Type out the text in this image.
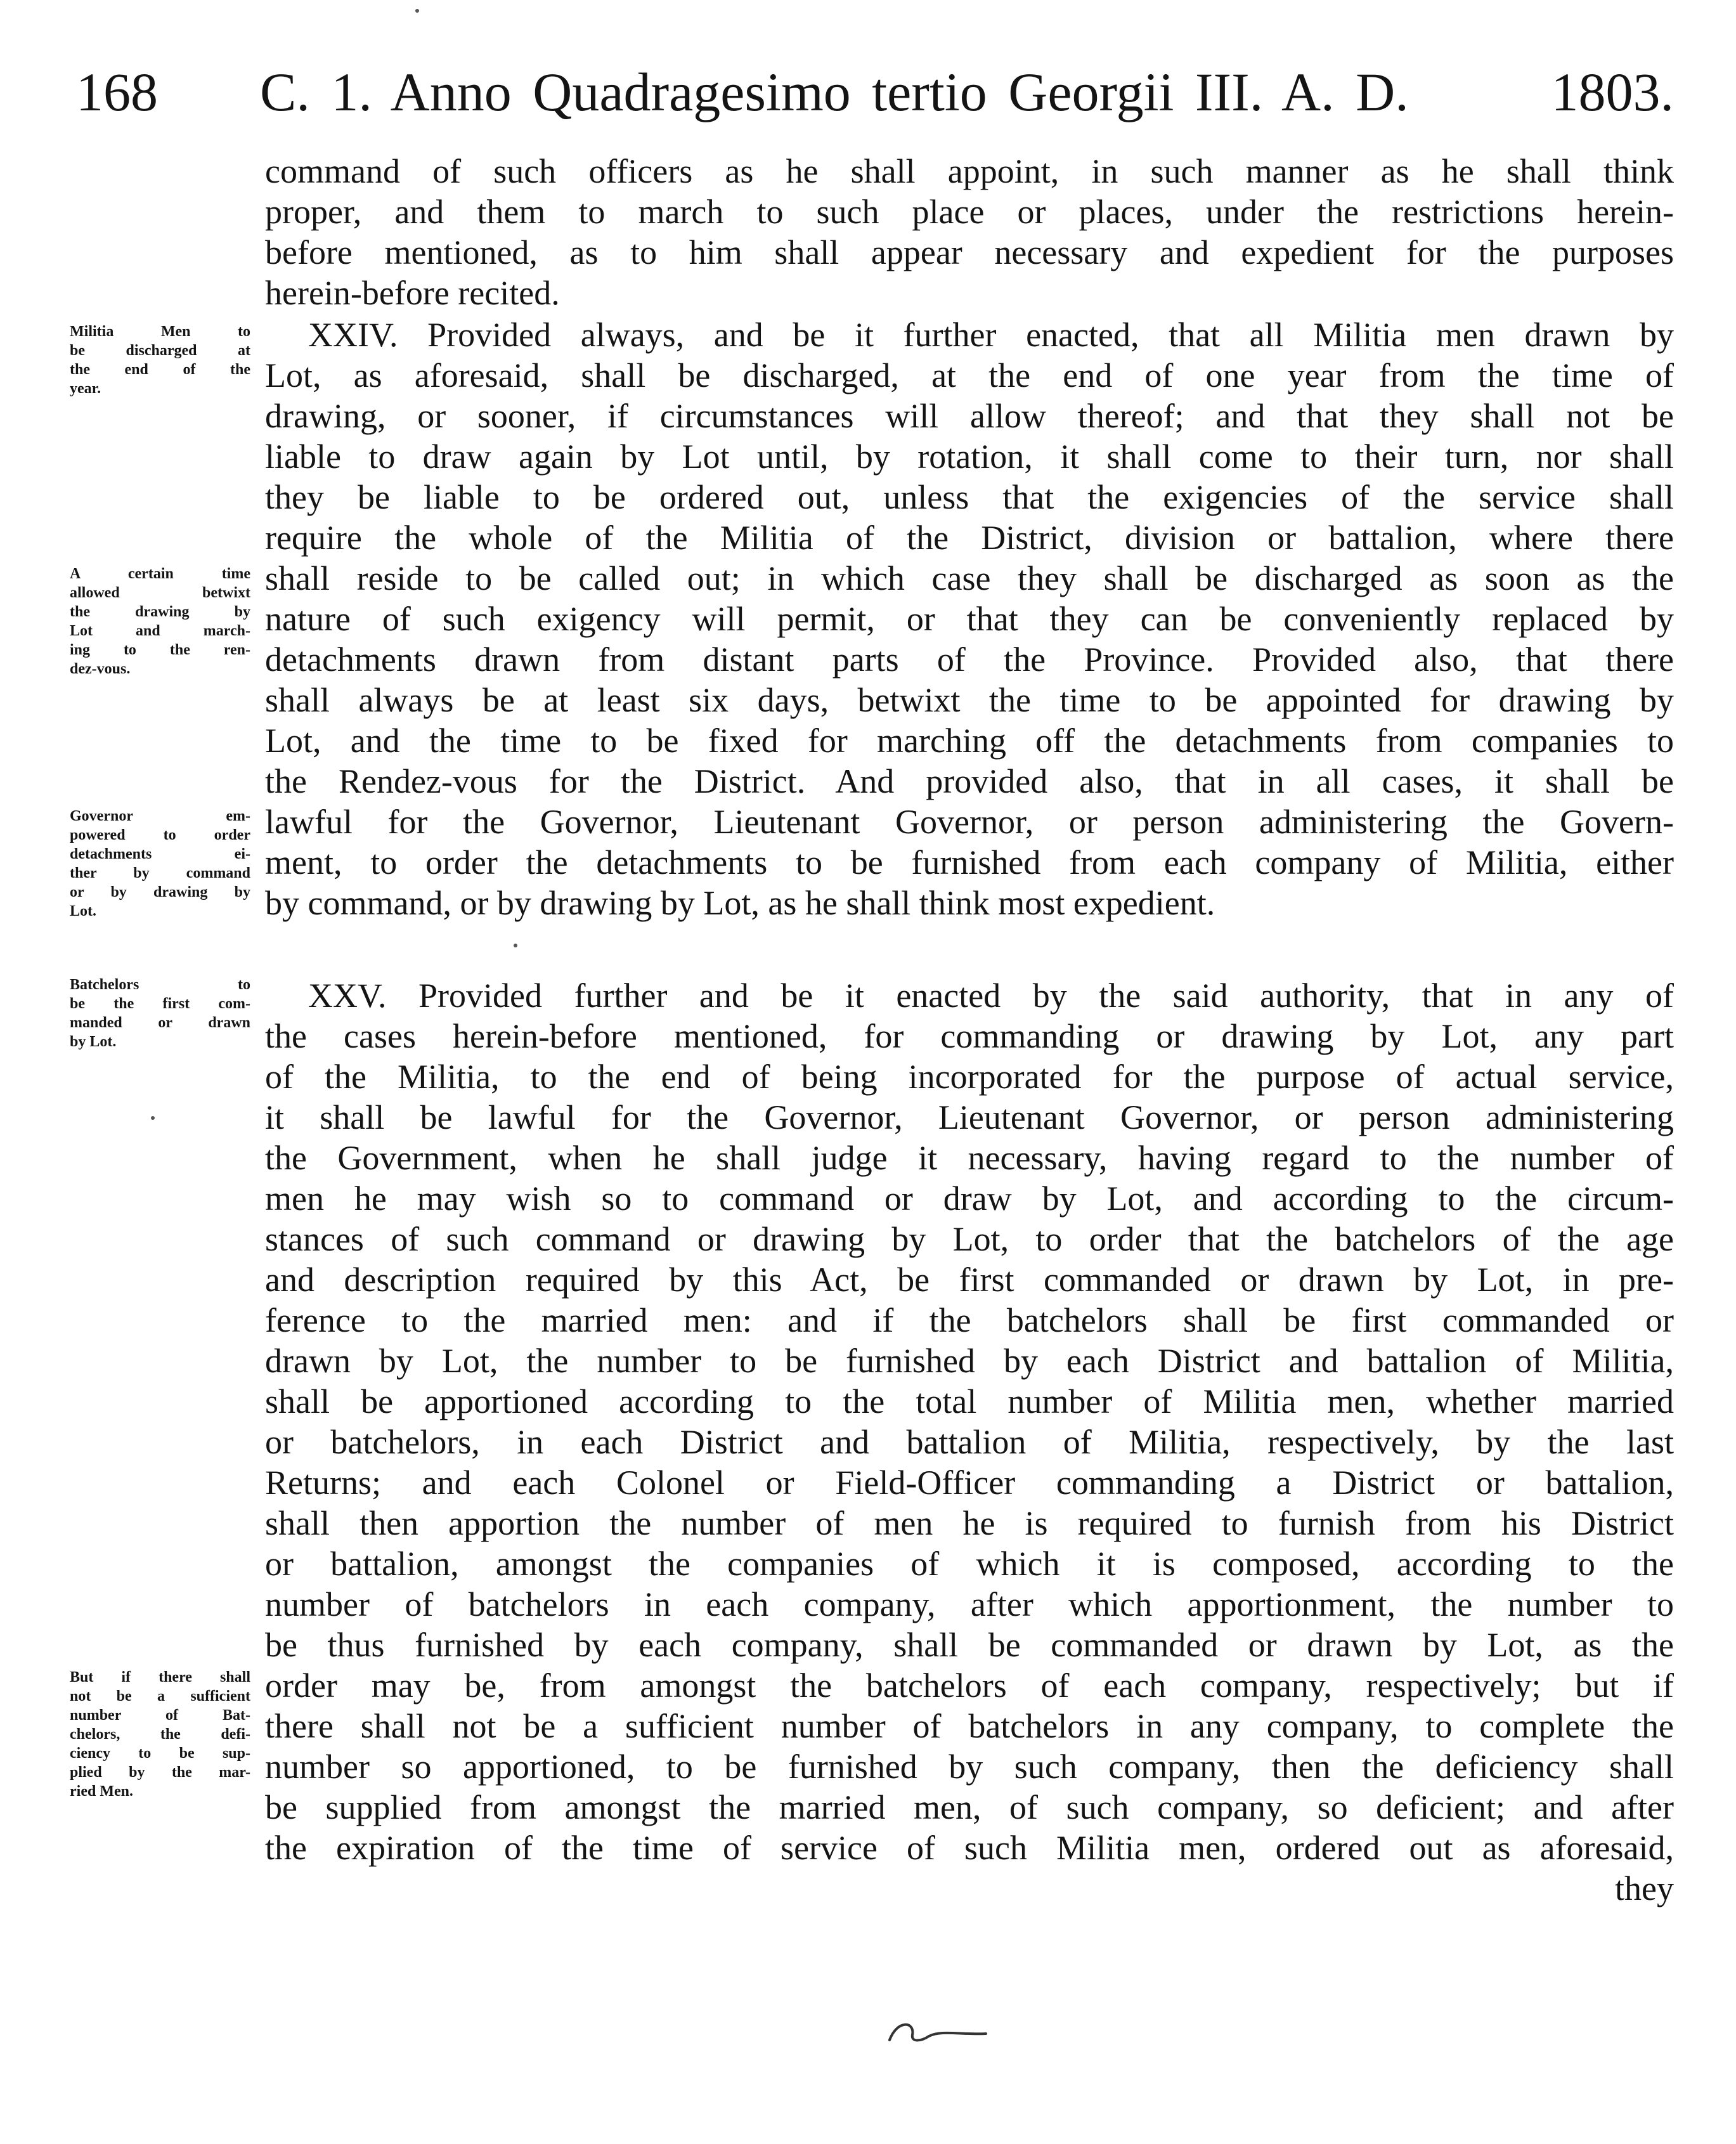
168 C. 1. Anno Quadragesimo tertio Georgii III. A. D.	1803.
command of such officers as he shall appoint, in such manner as he shall think
proper, and them to march to such place or places, under the restrictions herein-
before mentioned, as to him shall appear necessary and expedient for the purposes
herein-before recited.
XXIV. Provided always, and be it further enacted, that all Militia men drawn by
Lot, as aforesaid, shall be discharged, at the end of one year from the time of
drawing, or sooner, if circumstances will allow thereof; and that they shall not be
liable to draw again by Lot until, by rotation, it shall come to their turn, nor shall
they be liable to be ordered out, unless that the exigencies of the service shall
require the whole of the Militia of the District, division or battalion, where there
shall reside to be called out; in which case they shall be discharged as soon as the
nature of such exigency will permit, or that they can be conveniently replaced by
detachments drawn from distant parts of the Province. Provided also, that there
shall always be at least six days, betwixt the time to be appointed for drawing by
Lot, and the time to be fixed for marching off the detachments from companies to
the Rendez-vous for the District. And provided also, that in all cases, it shall be
lawful for the Governor, Lieutenant Governor, or person administering the Govern-
ment, to order the detachments to be furnished from each company of Militia, either
by command, or by drawing by Lot, as he shall think most expedient.
XXV. Provided further and be it enacted by the said authority, that in any of
the cases herein-before mentioned, for commanding or drawing by Lot, any part
of the Militia, to the end of being incorporated for the purpose of actual service,
it shall be lawful for the Governor, Lieutenant Governor, or person administering
the Government, when he shall judge it necessary, having regard to the number of
men he may wish so to command or draw by Lot, and according to the circum-
stances of such command or drawing by Lot, to order that the batchelors of the age
and description required by this Act, be first commanded or drawn by Lot, in pre-
ference to the married men: and if the batchelors shall be first commanded or
drawn by Lot, the number to be furnished by each District and battalion of Militia,
shall be apportioned according to the total number of Militia men, whether married
or batchelors, in each District and battalion of Militia, respectively, by the last
Returns; and each Colonel or Field-Officer commanding a District or battalion,
shall then apportion the number of men he is required to furnish from his District
or battalion, amongst the companies of which it is composed, according to the
number of batchelors in each company, after which apportionment, the number to
be thus furnished by each company, shall be commanded or drawn by Lot, as the
order may be, from amongst the batchelors of each company, respectively; but if
there shall not be a sufficient number of batchelors in any company, to complete the
number so apportioned, to be furnished by such company, then the deficiency shall
be supplied from amongst the married men, of such company, so deficient; and after
the expiration of the time of service of such Militia men, ordered out as aforesaid,
they
Militia Men to
be discharged at
the end of the
year.
A certain time
allowed betwixt
the drawing by
Lot and march-
ing to the ren-
dez-vous.
Governor em-
powered to order
detachments ei-
ther by command
or by drawing by
Lot.
Batchelors to
be the first com-
manded or drawn
by Lot.
But if there shall
not be a sufficient
number of Bat-
chelors, the defi-
ciency to be sup-
plied by the mar-
ried Men.
